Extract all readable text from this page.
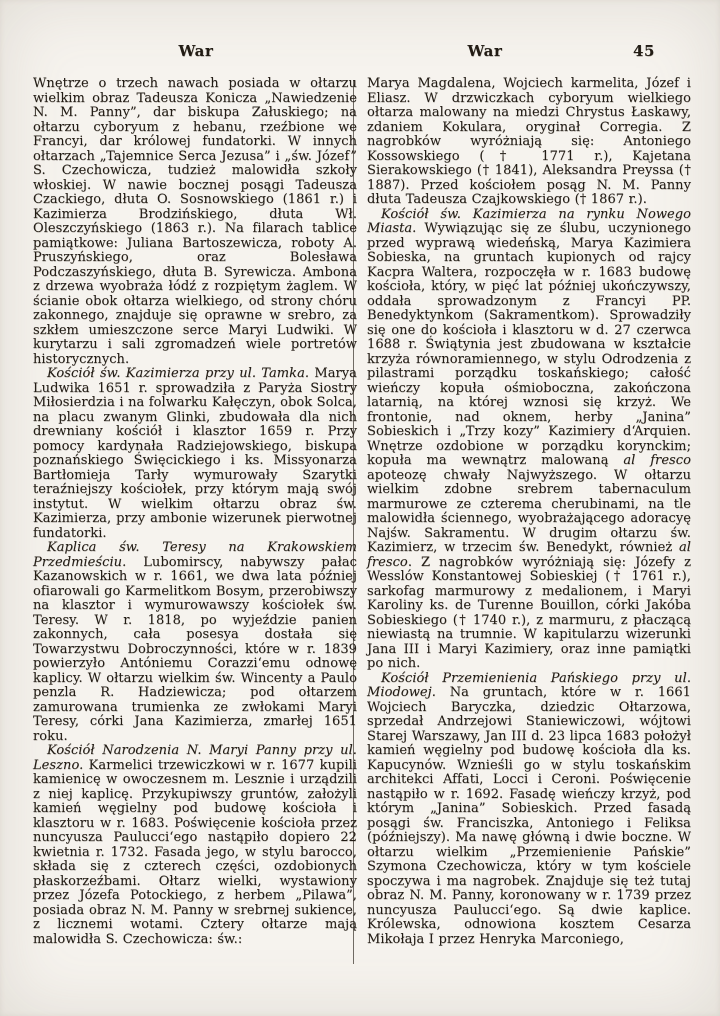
War	War	45

Wnętrze o trzech nawach posiada w ołtarzu wielkim obraz Tadeusza Konicza „Nawiedzenie N. M. Panny”, dar biskupa Załuskiego; na ołtarzu cyboryum z hebanu, rzeźbione we Francyi, dar królowej fundatorki. W innych ołtarzach „Tajemnice Serca Jezusa” i „św. Józef” S. Czechowicza, tudzież malowidła szkoły włoskiej. W nawie bocznej posągi Tadeusza Czackiego, dłuta O. Sosnowskiego (1861 r.) i Kazimierza Brodzińskiego, dłuta Wł. Oleszczyńskiego (1863 r.). Na filarach tablice pamiątkowe: Juliana Bartoszewicza, roboty A. Pruszyńskiego, oraz Bolesława Podczaszyńskiego, dłuta B. Syrewicza. Ambona z drzewa wyobraża łódź z rozpiętym żaglem. W ścianie obok ołtarza wielkiego, od strony chóru zakonnego, znajduje się oprawne w srebro, za szkłem umieszczone serce Maryi Ludwiki. W kurytarzu i sali zgromadzeń wiele portretów historycznych.

Kościół św. Kazimierza przy ul. Tamka. Marya Ludwika 1651 r. sprowadziła z Paryża Siostry Miłosierdzia i na folwarku Kałęczyn, obok Solca, na placu zwanym Glinki, zbudowała dla nich drewniany kościół i klasztor 1659 r. Przy pomocy kardynała Radziejowskiego, biskupa poznańskiego Święcickiego i ks. Missyonarza Bartłomieja Tarły wymurowały Szarytki teraźniejszy kościołek, przy którym mają swój instytut. W wielkim ołtarzu obraz św. Kazimierza, przy ambonie wizerunek pierwotnej fundatorki.

Kaplica św. Teresy na Krakowskiem Przedmieściu. Lubomirscy, nabywszy pałac Kazanowskich w r. 1661, we dwa lata później ofiarowali go Karmelitkom Bosym, przerobiwszy na klasztor i wymurowawszy kościołek św. Teresy. W r. 1818, po wyjeździe panien zakonnych, cała posesya dostała się Towarzystwu Dobroczynności, które w r. 1839 powierzyło Antóniemu Corazzi‘emu odnowę kaplicy. W ołtarzu wielkim św. Wincenty a Paulo penzla R. Hadziewicza; pod ołtarzem zamurowana trumienka ze zwłokami Maryi Teresy, córki Jana Kazimierza, zmarłej 1651 roku.

Kościół Narodzenia N. Maryi Panny przy ul. Leszno. Karmelici trzewiczkowi w r. 1677 kupili kamienicę w owoczesnem m. Lesznie i urządzili z niej kaplicę. Przykupiwszy gruntów, założyli kamień węgielny pod budowę kościoła i klasztoru w r. 1683. Poświęcenie kościoła przez nuncyusza Paulucci‘ego nastąpiło dopiero 22 kwietnia r. 1732. Fasada jego, w stylu barocco, składa się z czterech części, ozdobionych płaskorzeźbami. Ołtarz wielki, wystawiony przez Józefa Potockiego, z herbem „Pilawa”, posiada obraz N. M. Panny w srebrnej sukience, z licznemi wotami. Cztery ołtarze mają malowidła S. Czechowicza: św.:

Marya Magdalena, Wojciech karmelita, Józef i Eliasz. W drzwiczkach cyboryum wielkiego ołtarza malowany na miedzi Chrystus Łaskawy, zdaniem Kokulara, oryginał Corregia. Z nagrobków wyróżniają się: Antoniego Kossowskiego († 1771 r.), Kajetana Sierakowskiego († 1841), Aleksandra Preyssa († 1887). Przed kościołem posąg N. M. Panny dłuta Tadeusza Czajkowskiego († 1867 r.).

Kościół św. Kazimierza na rynku Nowego Miasta. Wywiązując się ze ślubu, uczynionego przed wyprawą wiedeńską, Marya Kazimiera Sobieska, na gruntach kupionych od rajcy Kacpra Waltera, rozpoczęła w r. 1683 budowę kościoła, który, w pięć lat później ukończywszy, oddała sprowadzonym z Francyi PP. Benedyktynkom (Sakramentkom). Sprowadziły się one do kościoła i klasztoru w d. 27 czerwca 1688 r. Świątynia jest zbudowana w kształcie krzyża równoramiennego, w stylu Odrodzenia z pilastrami porządku toskańskiego; całość wieńczy kopuła ośmioboczna, zakończona latarnią, na której wznosi się krzyż. We frontonie, nad oknem, herby „Janina” Sobieskich i „Trzy kozy” Kazimiery d‘Arquien. Wnętrze ozdobione w porządku korynckim; kopuła ma wewnątrz malowaną al fresco apoteozę chwały Najwyższego. W ołtarzu wielkim zdobne srebrem tabernaculum marmurowe ze czterema cherubinami, na tle malowidła ściennego, wyobrażającego adoracyę Najśw. Sakramentu. W drugim ołtarzu św. Kazimierz, w trzecim św. Benedykt, również al fresco. Z nagrobków wyróżniają się: Józefy z Wesslów Konstantowej Sobieskiej († 1761 r.), sarkofag marmurowy z medalionem, i Maryi Karoliny ks. de Turenne Bouillon, córki Jakóba Sobieskiego († 1740 r.), z marmuru, z płaczącą niewiastą na trumnie. W kapitularzu wizerunki Jana III i Maryi Kazimiery, oraz inne pamiątki po nich.

Kościół Przemienienia Pańskiego przy ul. Miodowej. Na gruntach, które w r. 1661 Wojciech Baryczka, dziedzic Ołtarzowa, sprzedał Andrzejowi Staniewiczowi, wójtowi Starej Warszawy, Jan III d. 23 lipca 1683 położył kamień węgielny pod budowę kościoła dla ks. Kapucynów. Wznieśli go w stylu toskańskim architekci Affati, Locci i Ceroni. Poświęcenie nastąpiło w r. 1692. Fasadę wieńczy krzyż, pod którym „Janina” Sobieskich. Przed fasadą posągi św. Franciszka, Antoniego i Feliksa (późniejszy). Ma nawę główną i dwie boczne. W ołtarzu wielkim „Przemienienie Pańskie” Szymona Czechowicza, który w tym kościele spoczywa i ma nagrobek. Znajduje się też tutaj obraz N. M. Panny, koronowany w r. 1739 przez nuncyusza Paulucci‘ego. Są dwie kaplice. Królewska, odnowiona kosztem Cesarza Mikołaja I przez Henryka Marconiego,
